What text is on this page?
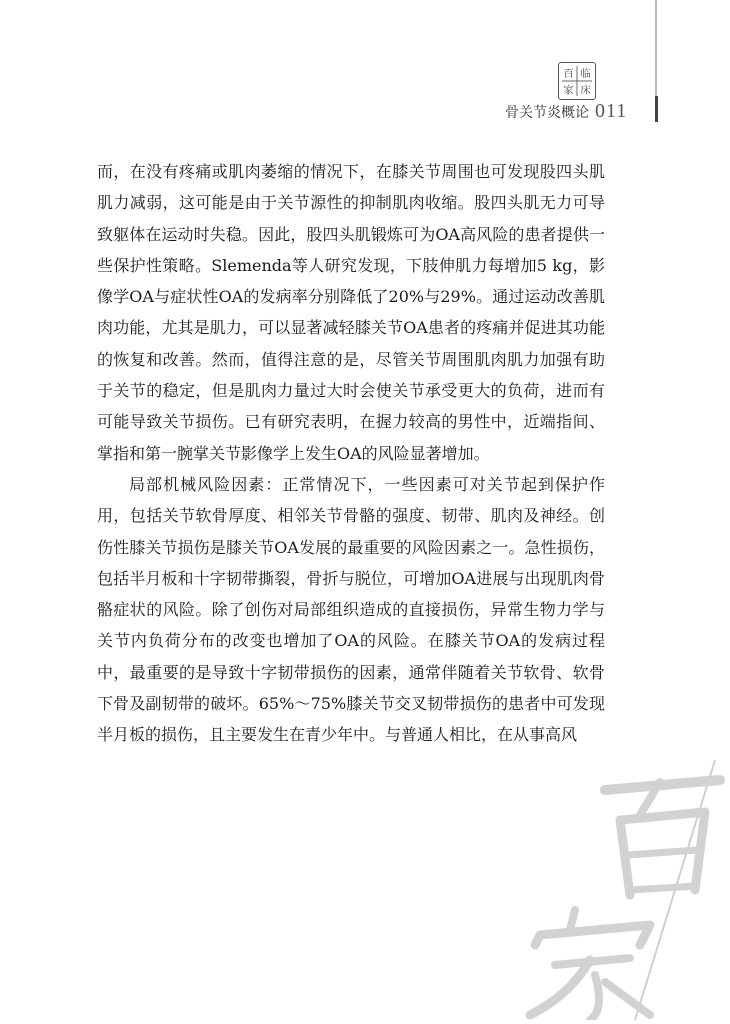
百 临
家 床
骨关节炎概论 011

而，在没有疼痛或肌肉萎缩的情况下，在膝关节周围也可发现股四头肌肌力减弱，这可能是由于关节源性的抑制肌肉收缩。股四头肌无力可导致躯体在运动时失稳。因此，股四头肌锻炼可为OA高风险的患者提供一些保护性策略。Slemenda等人研究发现，下肢伸肌力每增加5 kg，影像学OA与症状性OA的发病率分别降低了20%与29%。通过运动改善肌肉功能，尤其是肌力，可以显著减轻膝关节OA患者的疼痛并促进其功能的恢复和改善。然而，值得注意的是，尽管关节周围肌肉肌力加强有助于关节的稳定，但是肌肉力量过大时会使关节承受更大的负荷，进而有可能导致关节损伤。已有研究表明，在握力较高的男性中，近端指间、掌指和第一腕掌关节影像学上发生OA的风险显著增加。

局部机械风险因素：正常情况下，一些因素可对关节起到保护作用，包括关节软骨厚度、相邻关节骨骼的强度、韧带、肌肉及神经。创伤性膝关节损伤是膝关节OA发展的最重要的风险因素之一。急性损伤，包括半月板和十字韧带撕裂，骨折与脱位，可增加OA进展与出现肌肉骨骼症状的风险。除了创伤对局部组织造成的直接损伤，异常生物力学与关节内负荷分布的改变也增加了OA的风险。在膝关节OA的发病过程中，最重要的是导致十字韧带损伤的因素，通常伴随着关节软骨、软骨下骨及副韧带的破坏。65%～75%膝关节交叉韧带损伤的患者中可发现半月板的损伤，且主要发生在青少年中。与普通人相比，在从事高风
